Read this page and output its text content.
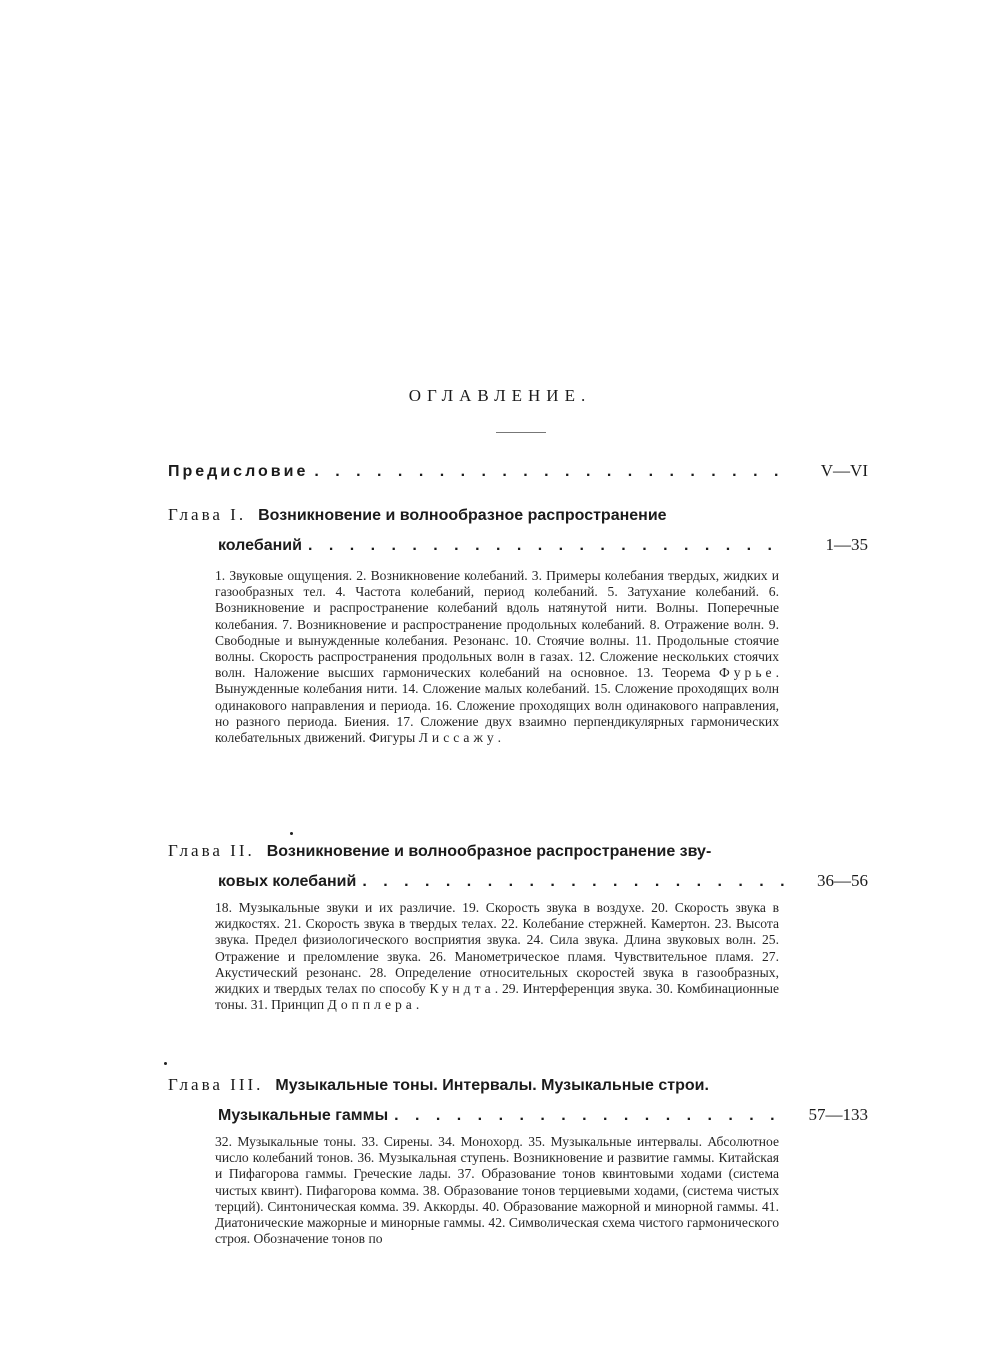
ОГЛАВЛЕНИЕ.
Предисловие . . .	V—VI
Глава I. Возникновение и волнообразное распространение
колебаний . . .	1—35
1. Звуковые ощущения. 2. Возникновение колебаний. 3. Примеры колебания твердых, жидких и газообразных тел. 4. Частота колебаний, период колебаний. 5. Затухание колебаний. 6. Возникновение и распространение колебаний вдоль натянутой нити. Волны. Поперечные колебания. 7. Возникновение и распространение продольных колебаний. 8. Отражение волн. 9. Свободные и вынужденные колебания. Резонанс. 10. Стоячие волны. 11. Продольные стоячие волны. Скорость распространения продольных волн в газах. 12. Сложение нескольких стоячих волн. Наложение высших гармонических колебаний на основное. 13. Теорема Фурье. Вынужденные колебания нити. 14. Сложение малых колебаний. 15. Сложение проходящих волн одинакового направления и периода. 16. Сложение проходящих волн одинакового направления, но разного периода. Биения. 17. Сложение двух взаимно перпендикулярных гармонических колебательных движений. Фигуры Лиссажу.
Глава II. Возникновение и волнообразное распространение зву-
ковых колебаний . . .	36—56
18. Музыкальные звуки и их различие. 19. Скорость звука в воздухе. 20. Скорость звука в жидкостях. 21. Скорость звука в твердых телах. 22. Колебание стержней. Камертон. 23. Высота звука. Предел физиологического восприятия звука. 24. Сила звука. Длина звуковых волн. 25. Отражение и преломление звука. 26. Манометрическое пламя. Чувствительное пламя. 27. Акустический резонанс. 28. Определение относительных скоростей звука в газообразных, жидких и твердых телах по способу Кундта. 29. Интерференция звука. 30. Комбинационные тоны. 31. Принцип Допплера.
Глава III. Музыкальные тоны. Интервалы. Музыкальные строи.
Музыкальные гаммы . . .	57—133
32. Музыкальные тоны. 33. Сирены. 34. Монохорд. 35. Музыкальные интервалы. Абсолютное число колебаний тонов. 36. Музыкальная ступень. Возникновение и развитие гаммы. Китайская и Пифагорова гаммы. Греческие лады. 37. Образование тонов квинтовыми ходами (система чистых квинт). Пифагорова комма. 38. Образование тонов терциевыми ходами, (система чистых терций). Синтоническая комма. 39. Аккорды. 40. Образование мажорной и минорной гаммы. 41. Диатонические мажорные и минорные гаммы. 42. Символическая схема чистого гармонического строя. Обозначение тонов по
